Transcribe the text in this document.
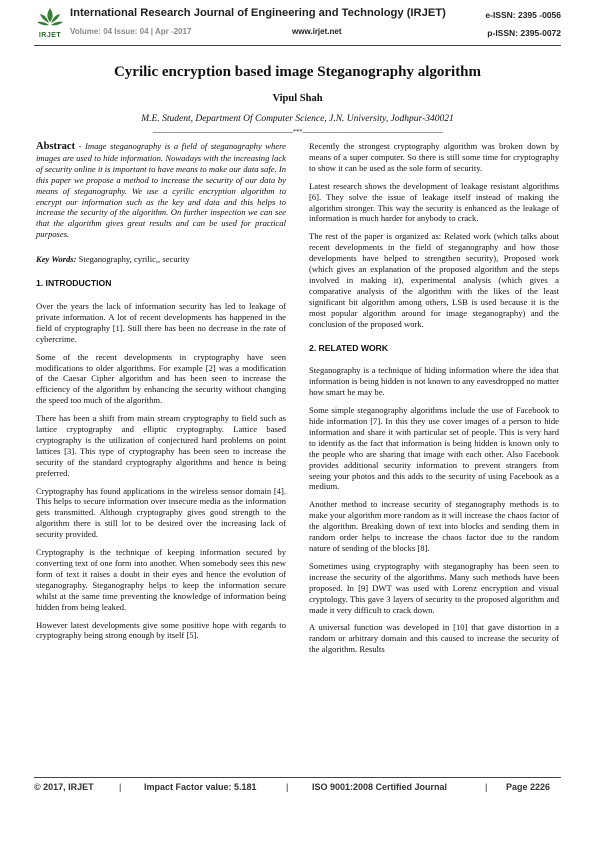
IRJET
International Research Journal of Engineering and Technology (IRJET)
Volume: 04 Issue: 04 | Apr -2017	www.irjet.net
e-ISSN: 2395 -0056
p-ISSN: 2395-0072
Cyrilic encryption based image Steganography algorithm
Vipul Shah
M.E. Student, Department Of Computer Science, J.N. University, Jodhpur-340021
---------------------------------------------------------------------***---------------------------------------------------------------------

Abstract - Image steganography is a field of steganography where images are used to hide information. Nowadays with the increasing lack of security online it is important to have means to make our data safe. In this paper we propose a method to increase the security of our data by means of steganography. We use a cyrilic encryption algorithm to encrypt our information such as the key and data and this helps to increase the security of the algorithm. On further inspection we can see that the algorithm gives great results and can be used for practical purposes.

Key Words: Steganography, cyrilic,, security

1. INTRODUCTION

Over the years the lack of information security has led to leakage of private information. A lot of recent developments has happened in the field of cryptography [1]. Still there has been no decrease in the rate of cybercrime.

Some of the recent developments in cryptography have seen modifications to older algorithms. For example [2] was a modification of the Caesar Cipher algorithm and has been seen to increase the efficiency of the algorithm by enhancing the security without changing the speed too much of the algorithm.

There has been a shift from main stream cryptography to field such as lattice cryptography and elliptic cryptography. Lattice based cryptography is the utilization of conjectured hard problems on point lattices [3]. This type of cryptography has been seen to increase the security of the standard cryptography algorithms and hence is being preferred.

Cryptography has found applications in the wireless sensor domain [4]. This helps to secure information over insecure media as the information gets transmitted. Although cryptography gives good strength to the algorithm there is still lot to be desired over the increasing lack of security provided.

Cryptography is the technique of keeping information secured by converting text of one form into another. When somebody sees this new form of text it raises a doubt in their eyes and hence the evolution of steganography. Steganography helps to keep the information secure whilst at the same time preventing the knowledge of information being hidden from being leaked.

However latest developments give some positive hope with regards to cryptography being strong enough by itself [5].

Recently the strongest cryptography algorithm was broken down by means of a super computer. So there is still some time for cryptography to show it can be used as the sole form of security.

Latest research shows the development of leakage resistant algorithms [6]. They solve the issue of leakage itself instead of making the algorithm stronger. This way the security is enhanced as the leakage of information is much harder for anybody to crack.

The rest of the paper is organized as: Related work (which talks about recent developments in the field of steganography and how those developments have helped to strengthen security), Proposed work (which gives an explanation of the proposed algorithm and the steps involved in making it), experimental analysis (which gives a comparative analysis of the algorithm with the likes of the least significant bit algorithm among others, LSB is used because it is the most popular algorithm around for image steganography) and the conclusion of the proposed work.

2. RELATED WORK

Steganography is a technique of hiding information where the idea that information is being hidden is not known to any eavesdropped no matter how smart he may be.

Some simple steganography algorithms include the use of Facebook to hide information [7]. In this they use cover images of a person to hide information and share it with particular set of people. This is very hard to identify as the fact that information is being hidden is known only to the people who are sharing that image with each other. Also Facebook provides additional security information to prevent strangers from seeing your photos and this adds to the security of using Facebook as a medium.

Another method to increase security of steganography methods is to make your algorithm more random as it will increase the chaos factor of the algorithm. Breaking down of text into blocks and sending them in random order helps to increase the chaos factor due to the random nature of sending of the blocks [8].

Sometimes using cryptography with steganography has been seen to increase the security of the algorithms. Many such methods have been proposed. In [9] DWT was used with Lorenz encryption and visual cryptology. This gave 3 layers of security to the proposed algorithm and made it very difficult to crack down.

A universal function was developed in [10] that gave distortion in a random or arbitrary domain and this caused to increase the security of the algorithm. Results

© 2017, IRJET	| Impact Factor value: 5.181	|	ISO 9001:2008 Certified Journal	| Page 2226
